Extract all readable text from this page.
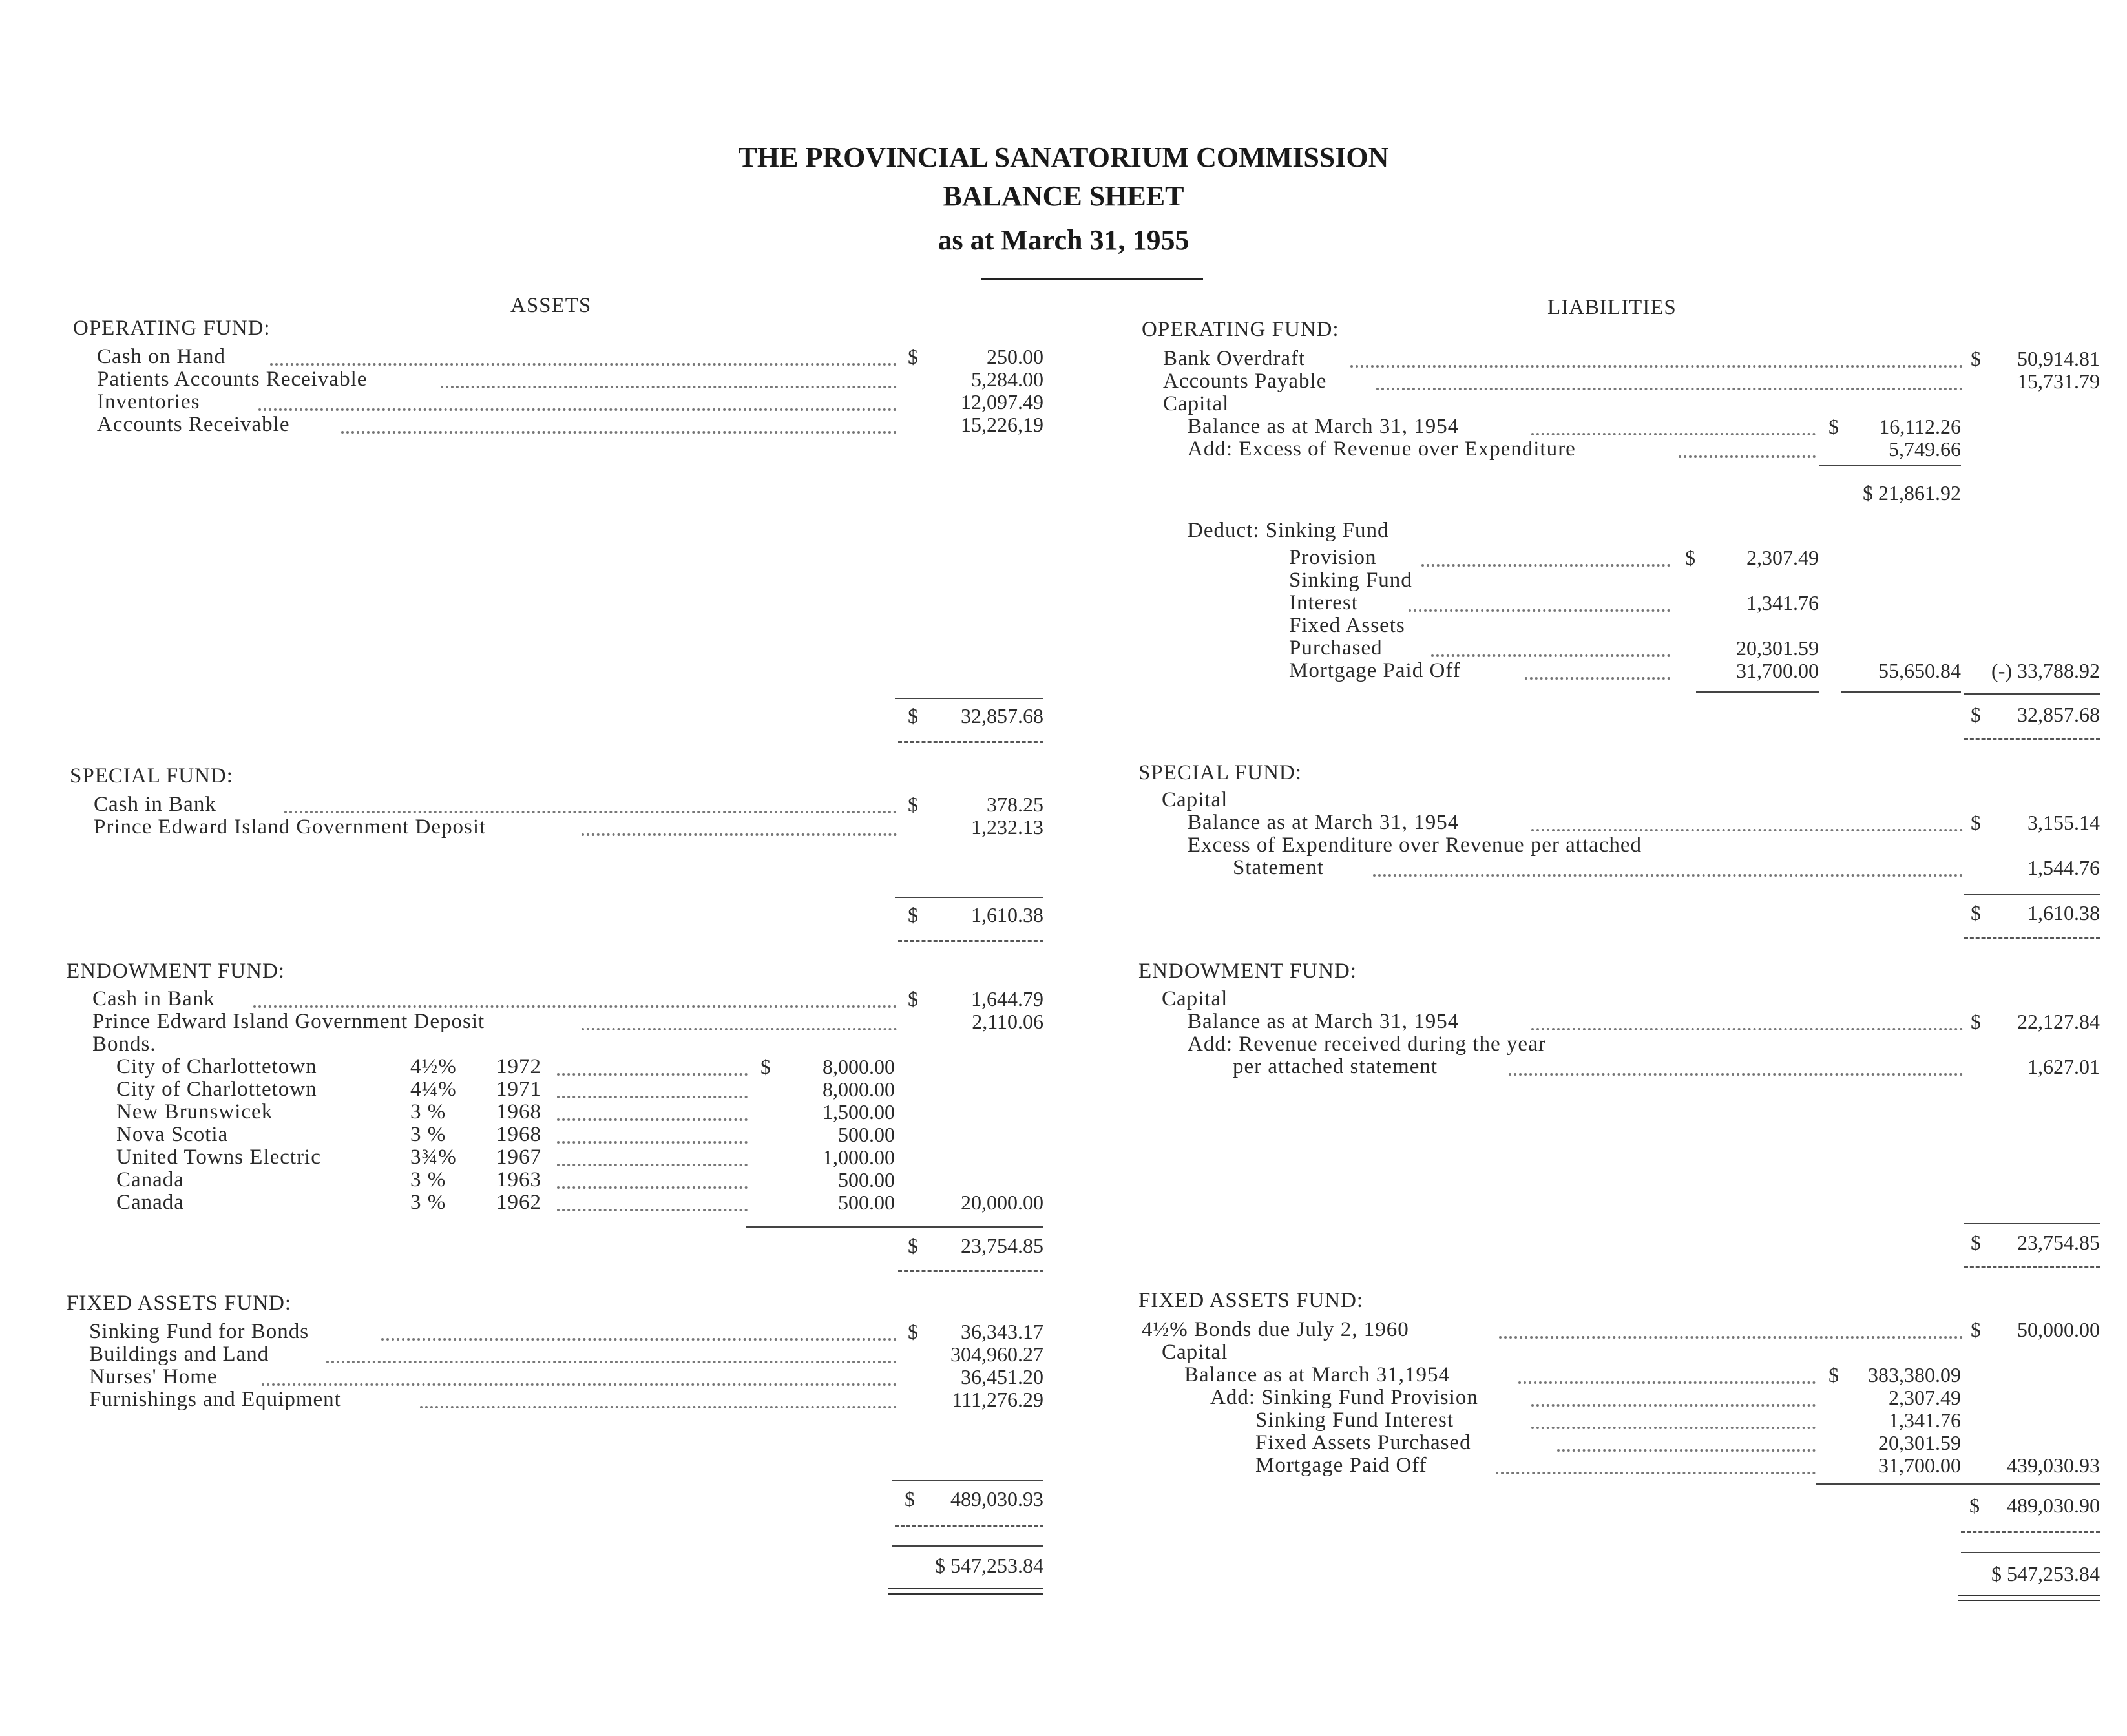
THE PROVINCIAL SANATORIUM COMMISSION
BALANCE SHEET
as at March 31, 1955
ASSETS
OPERATING FUND:
Cash on Hand	$	250.00
Patients Accounts Receivable	5,284.00
Inventories	12,097.49
Accounts Receivable	15,226,19
$	32,857.68
SPECIAL FUND:
Cash in Bank	$	378.25
Prince Edward Island Government Deposit	1,232.13
$	1,610.38
ENDOWMENT FUND:
Cash in Bank	$	1,644.79
Prince Edward Island Government Deposit	2,110.06
Bonds.
City of Charlottetown	4½% 1972	$	8,000.00
City of Charlottetown	4¼% 1971	8,000.00
New Brunswicek	3 % 1968	1,500.00
Nova Scotia	3 % 1968	500.00
United Towns Electric	3¾% 1967	1,000.00
Canada	3 % 1963	500.00
Canada	3 % 1962	500.00	20,000.00
$	23,754.85
FIXED ASSETS FUND:
Sinking Fund for Bonds	$	36,343.17
Buildings and Land	304,960.27
Nurses' Home	36,451.20
Furnishings and Equipment	111,276.29
$	489,030.93
$ 547,253.84
LIABILITIES
OPERATING FUND:
Bank Overdraft	$	50,914.81
Accounts Payable	15,731.79
Capital
Balance as at March 31, 1954	$	16,112.26
Add: Excess of Revenue over Expenditure	5,749.66
$ 21,861.92
Deduct: Sinking Fund
Provision	$	2,307.49
Sinking Fund
Interest	1,341.76
Fixed Assets
Purchased	20,301.59
Mortgage Paid Off	31,700.00	55,650.84	(-) 33,788.92
$	32,857.68
SPECIAL FUND:
Capital
Balance as at March 31, 1954	$	3,155.14
Excess of Expenditure over Revenue per attached
Statement	1,544.76
$	1,610.38
ENDOWMENT FUND:
Capital
Balance as at March 31, 1954	$	22,127.84
Add: Revenue received during the year
per attached statement	1,627.01
$	23,754.85
FIXED ASSETS FUND:
4½% Bonds due July 2, 1960	$	50,000.00
Capital
Balance as at March 31,1954	$	383,380.09
Add: Sinking Fund Provision	2,307.49
Sinking Fund Interest	1,341.76
Fixed Assets Purchased	20,301.59
Mortgage Paid Off	31,700.00	439,030.93
$	489,030.90
$ 547,253.84
